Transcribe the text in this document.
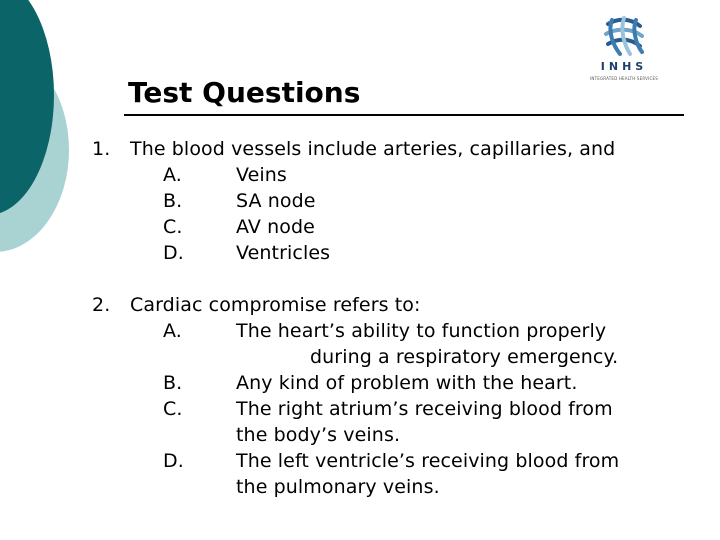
INHS
INTEGRATED HEALTH SERVICES
Test Questions
1. The blood vessels include arteries, capillaries, and
A.	Veins
B.	SA node
C.	AV node
D.	Ventricles
2. Cardiac compromise refers to:
A.	The heart’s ability to function properly
during a respiratory emergency.
B.	Any kind of problem with the heart.
C.	The right atrium’s receiving blood from
the body’s veins.
D.	The left ventricle’s receiving blood from
the pulmonary veins.
